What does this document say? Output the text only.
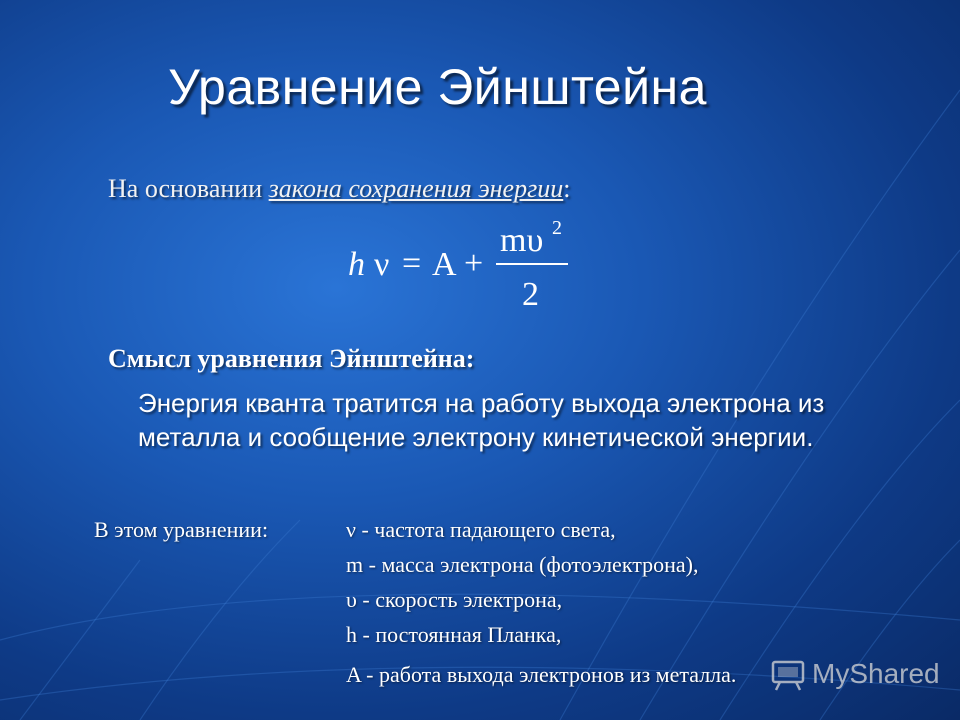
Уравнение Эйнштейна
На основании закона сохранения энергии:
h ν = A +
mυ 2
2
Смысл уравнения Эйнштейна:

Энергия кванта тратится на работу выхода электрона из металла и сообщение электрону кинетической энергии.

В этом уравнении:	ν - частота падающего света,
m - масса электрона (фотоэлектрона),
υ - скорость электрона,
h - постоянная Планка,
A - работа выхода электронов из металла.	MyShared
